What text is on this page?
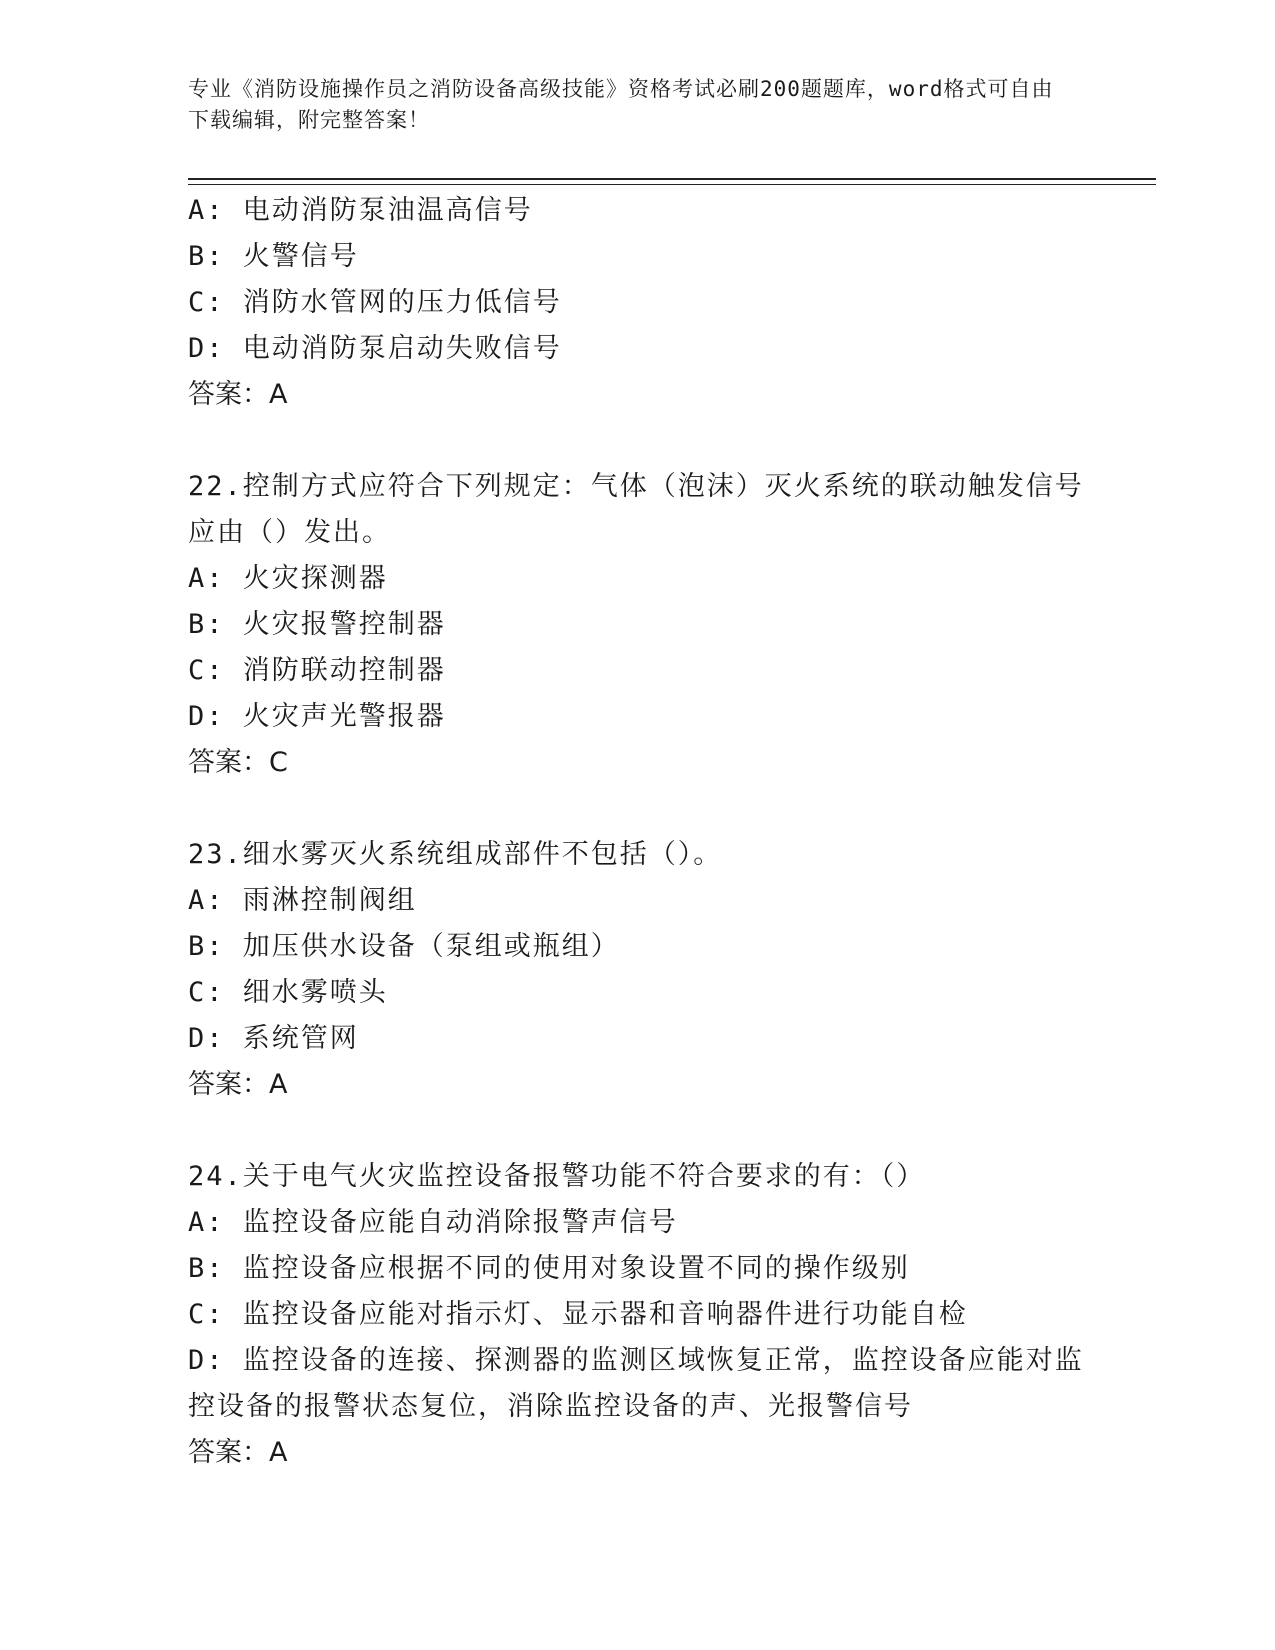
专业《消防设施操作员之消防设备高级技能》资格考试必刷200题题库，word格式可自由下载编辑，附完整答案！
A: 电动消防泵油温高信号
B: 火警信号
C: 消防水管网的压力低信号
D: 电动消防泵启动失败信号
答案：A
22.控制方式应符合下列规定：气体（泡沫）灭火系统的联动触发信号
应由（）发出。
A: 火灾探测器
B: 火灾报警控制器
C: 消防联动控制器
D: 火灾声光警报器
答案：C
23.细水雾灭火系统组成部件不包括（）。
A: 雨淋控制阀组
B: 加压供水设备（泵组或瓶组）
C: 细水雾喷头
D: 系统管网
答案：A
24.关于电气火灾监控设备报警功能不符合要求的有：（）
A: 监控设备应能自动消除报警声信号
B: 监控设备应根据不同的使用对象设置不同的操作级别
C: 监控设备应能对指示灯、显示器和音响器件进行功能自检
D: 监控设备的连接、探测器的监测区域恢复正常，监控设备应能对监
控设备的报警状态复位，消除监控设备的声、光报警信号
答案：A
